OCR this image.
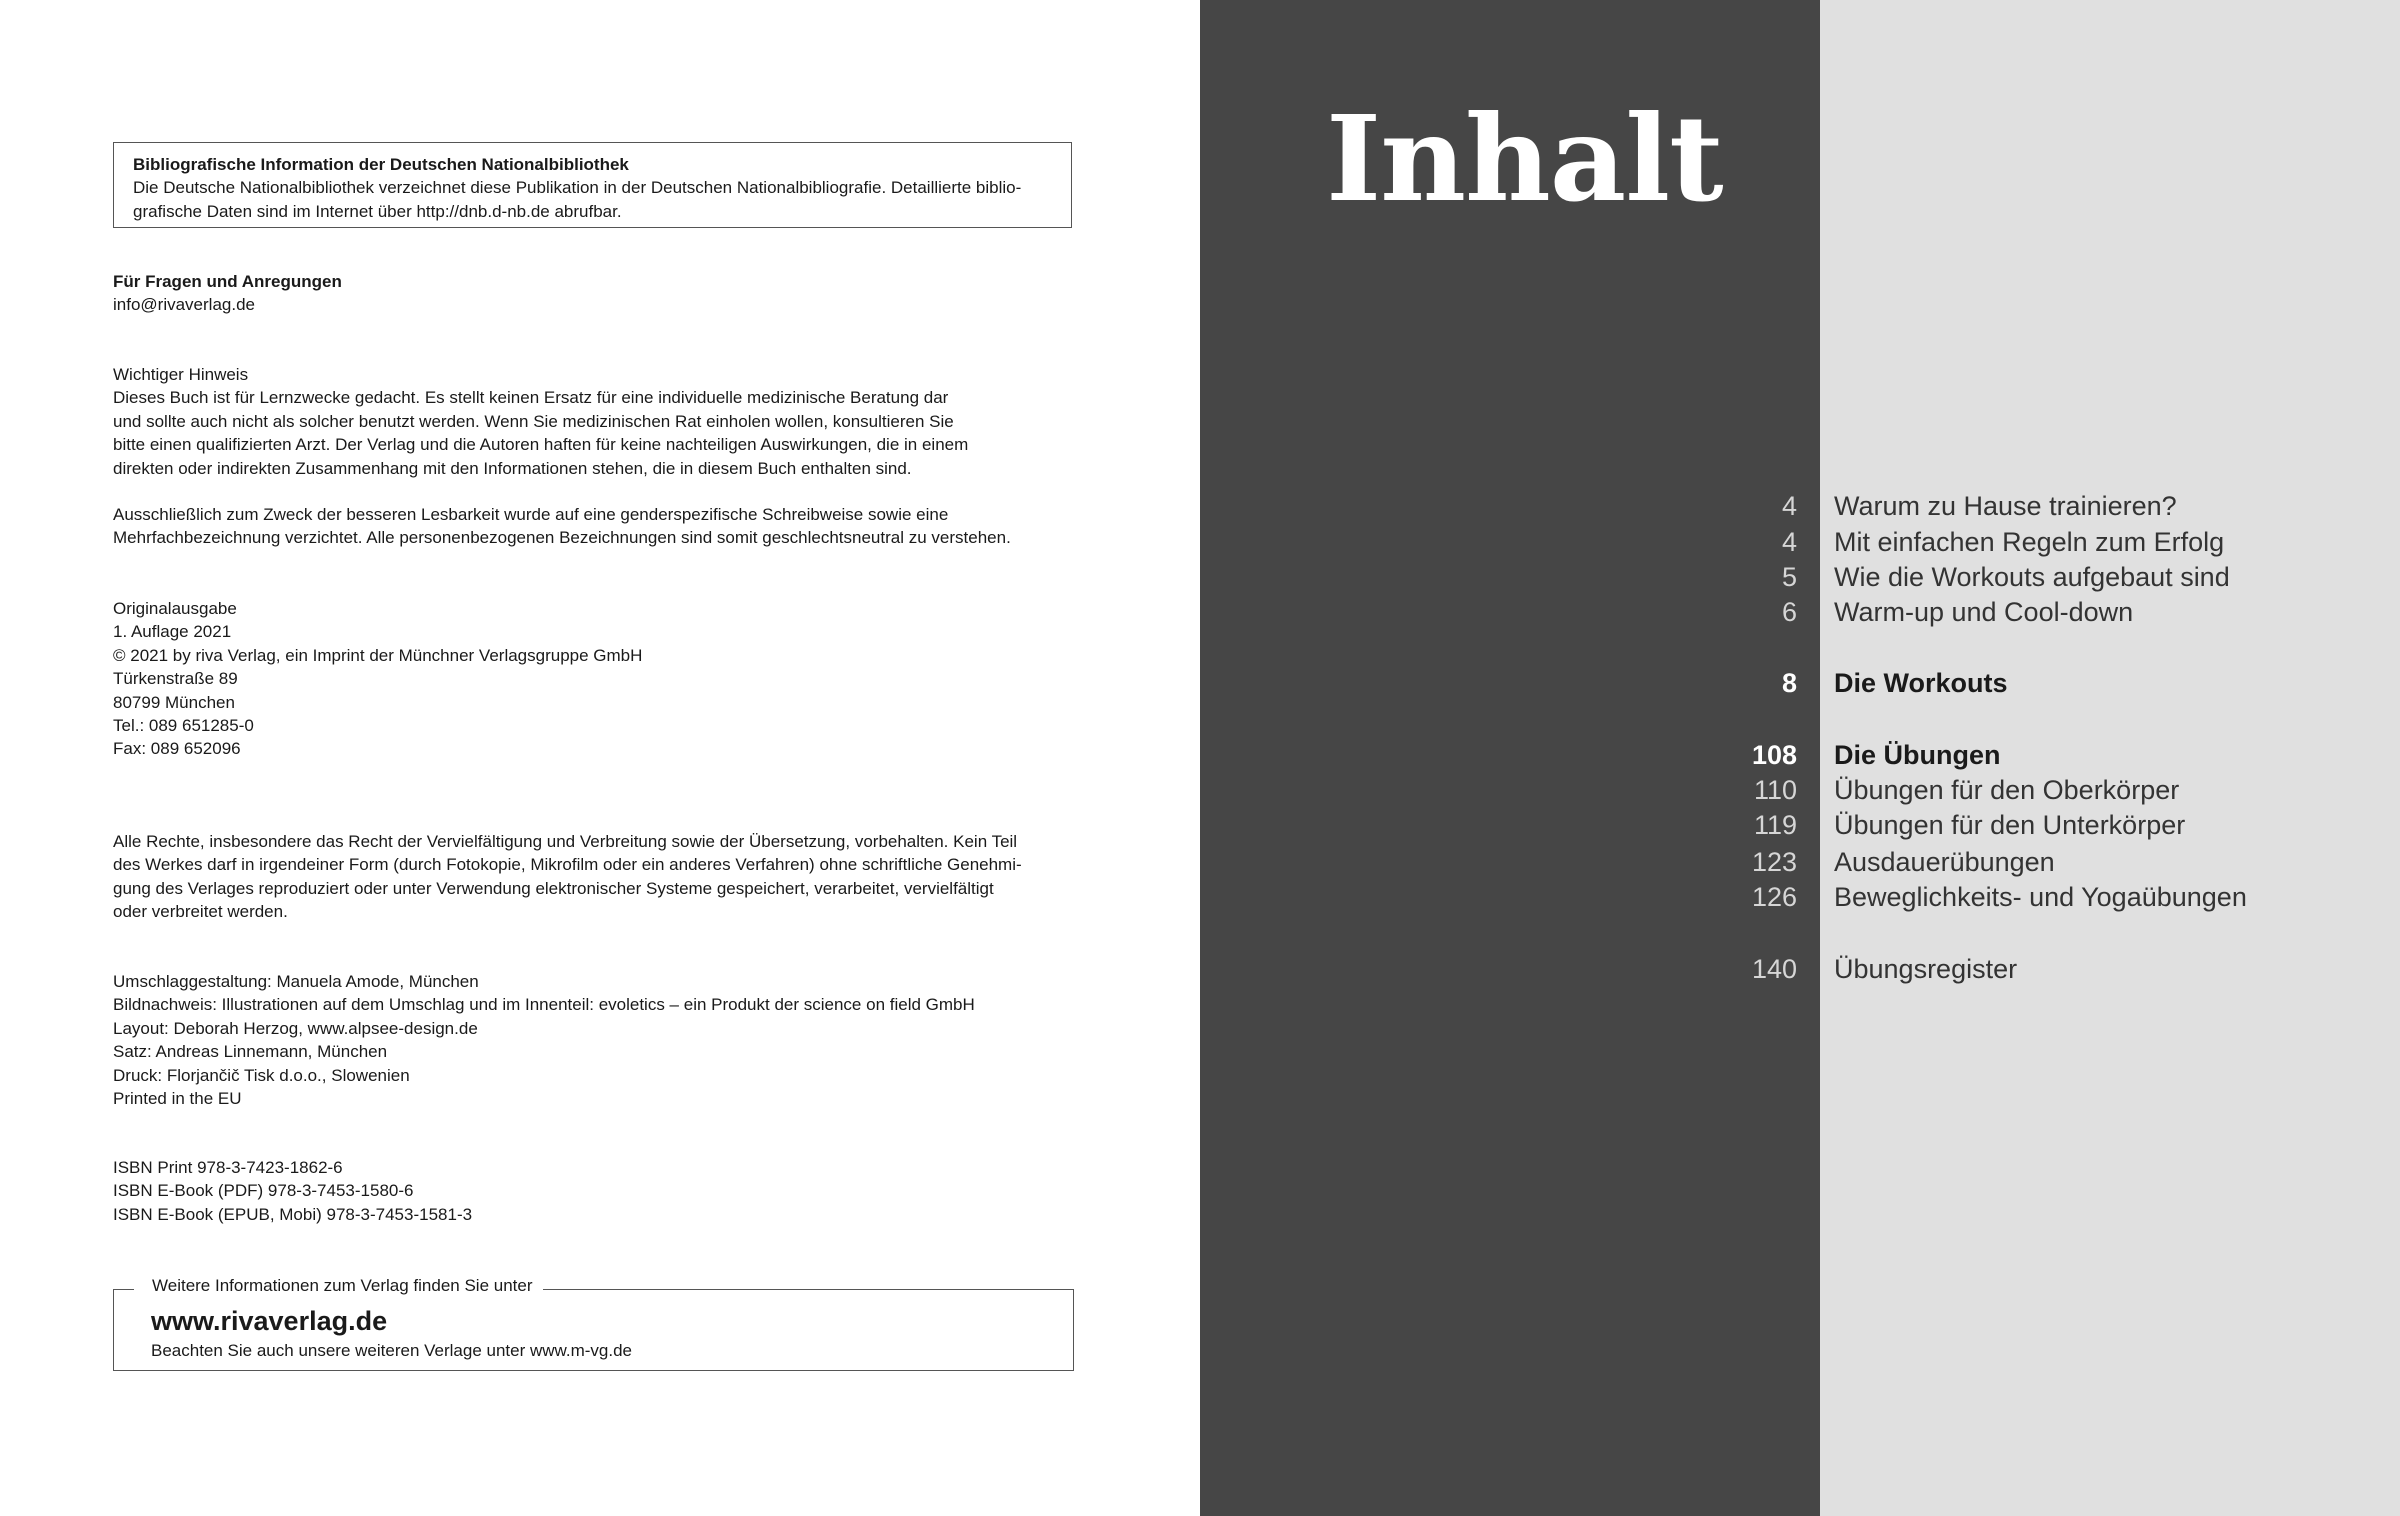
Bibliografische Information der Deutschen Nationalbibliothek
Die Deutsche Nationalbibliothek verzeichnet diese Publikation in der Deutschen Nationalbibliografie. Detaillierte biblio-
grafische Daten sind im Internet über http://dnb.d-nb.de abrufbar.
Für Fragen und Anregungen
info@rivaverlag.de
Wichtiger Hinweis
Dieses Buch ist für Lernzwecke gedacht. Es stellt keinen Ersatz für eine individuelle medizinische Beratung dar
und sollte auch nicht als solcher benutzt werden. Wenn Sie medizinischen Rat einholen wollen, konsultieren Sie
bitte einen qualifizierten Arzt. Der Verlag und die Autoren haften für keine nachteiligen Auswirkungen, die in einem
direkten oder indirekten Zusammenhang mit den Informationen stehen, die in diesem Buch enthalten sind.
Ausschließlich zum Zweck der besseren Lesbarkeit wurde auf eine genderspezifische Schreibweise sowie eine
Mehrfachbezeichnung verzichtet. Alle personenbezogenen Bezeichnungen sind somit geschlechtsneutral zu verstehen.
Originalausgabe
1. Auflage 2021
© 2021 by riva Verlag, ein Imprint der Münchner Verlagsgruppe GmbH
Türkenstraße 89
80799 München
Tel.: 089 651285-0
Fax: 089 652096
Alle Rechte, insbesondere das Recht der Vervielfältigung und Verbreitung sowie der Übersetzung, vorbehalten. Kein Teil
des Werkes darf in irgendeiner Form (durch Fotokopie, Mikrofilm oder ein anderes Verfahren) ohne schriftliche Genehmi-
gung des Verlages reproduziert oder unter Verwendung elektronischer Systeme gespeichert, verarbeitet, vervielfältigt
oder verbreitet werden.
Umschlaggestaltung: Manuela Amode, München
Bildnachweis: Illustrationen auf dem Umschlag und im Innenteil: evoletics – ein Produkt der science on field GmbH
Layout: Deborah Herzog, www.alpsee-design.de
Satz: Andreas Linnemann, München
Druck: Florjančič Tisk d.o.o., Slowenien
Printed in the EU
ISBN Print 978-3-7423-1862-6
ISBN E-Book (PDF) 978-3-7453-1580-6
ISBN E-Book (EPUB, Mobi) 978-3-7453-1581-3
Weitere Informationen zum Verlag finden Sie unter
www.rivaverlag.de
Beachten Sie auch unsere weiteren Verlage unter www.m-vg.de
Inhalt
4 Warum zu Hause trainieren?
4 Mit einfachen Regeln zum Erfolg
5 Wie die Workouts aufgebaut sind
6 Warm-up und Cool-down
8 Die Workouts
108 Die Übungen
110 Übungen für den Oberkörper
119 Übungen für den Unterkörper
123 Ausdauerübungen
126 Beweglichkeits- und Yogaübungen
140 Übungsregister
